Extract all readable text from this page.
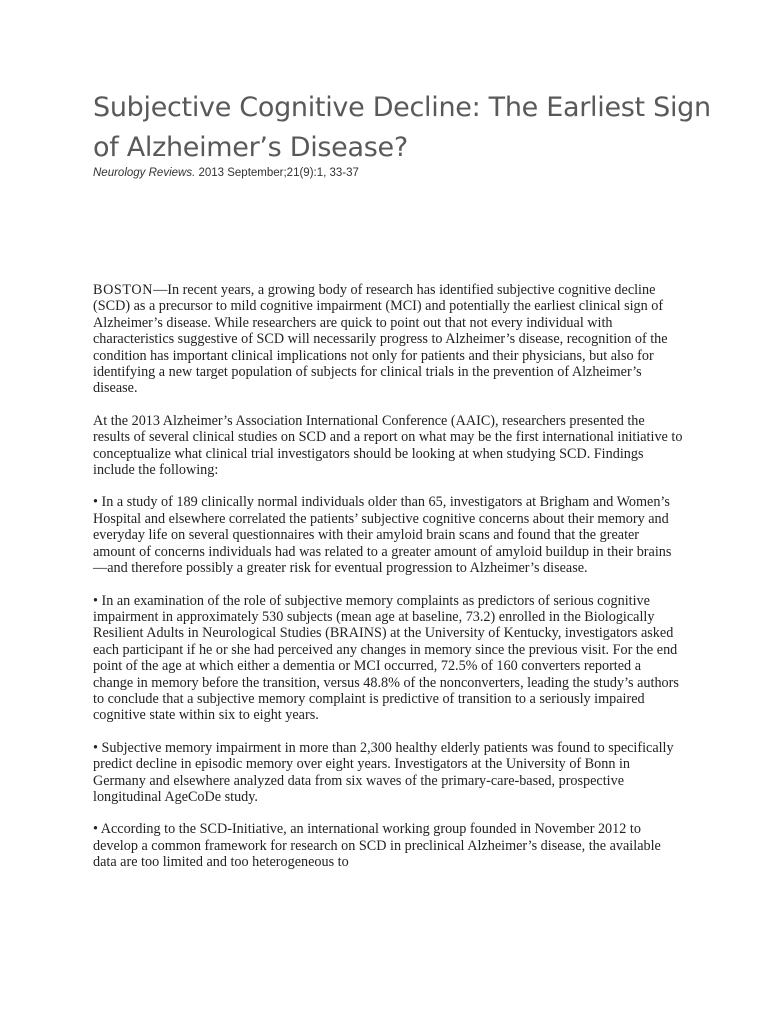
Subjective Cognitive Decline: The Earliest Sign of Alzheimer’s Disease?
Neurology Reviews. 2013 September;21(9):1, 33-37

BOSTON—In recent years, a growing body of research has identified subjective cognitive decline (SCD) as a precursor to mild cognitive impairment (MCI) and potentially the earliest clinical sign of Alzheimer’s disease. While researchers are quick to point out that not every individual with characteristics suggestive of SCD will necessarily progress to Alzheimer’s disease, recognition of the condition has important clinical implications not only for patients and their physicians, but also for identifying a new target population of subjects for clinical trials in the prevention of Alzheimer’s disease.

At the 2013 Alzheimer’s Association International Conference (AAIC), researchers presented the results of several clinical studies on SCD and a report on what may be the first international initiative to conceptualize what clinical trial investigators should be looking at when studying SCD. Findings include the following:

• In a study of 189 clinically normal individuals older than 65, investigators at Brigham and Women’s Hospital and elsewhere correlated the patients’ subjective cognitive concerns about their memory and everyday life on several questionnaires with their amyloid brain scans and found that the greater amount of concerns individuals had was related to a greater amount of amyloid buildup in their brains—and therefore possibly a greater risk for eventual progression to Alzheimer’s disease.

• In an examination of the role of subjective memory complaints as predictors of serious cognitive impairment in approximately 530 subjects (mean age at baseline, 73.2) enrolled in the Biologically Resilient Adults in Neurological Studies (BRAINS) at the University of Kentucky, investigators asked each participant if he or she had perceived any changes in memory since the previous visit. For the end point of the age at which either a dementia or MCI occurred, 72.5% of 160 converters reported a change in memory before the transition, versus 48.8% of the nonconverters, leading the study’s authors to conclude that a subjective memory complaint is predictive of transition to a seriously impaired cognitive state within six to eight years.

• Subjective memory impairment in more than 2,300 healthy elderly patients was found to specifically predict decline in episodic memory over eight years. Investigators at the University of Bonn in Germany and elsewhere analyzed data from six waves of the primary-care-based, prospective longitudinal AgeCoDe study.

• According to the SCD-Initiative, an international working group founded in November 2012 to develop a common framework for research on SCD in preclinical Alzheimer’s disease, the available data are too limited and too heterogeneous to
